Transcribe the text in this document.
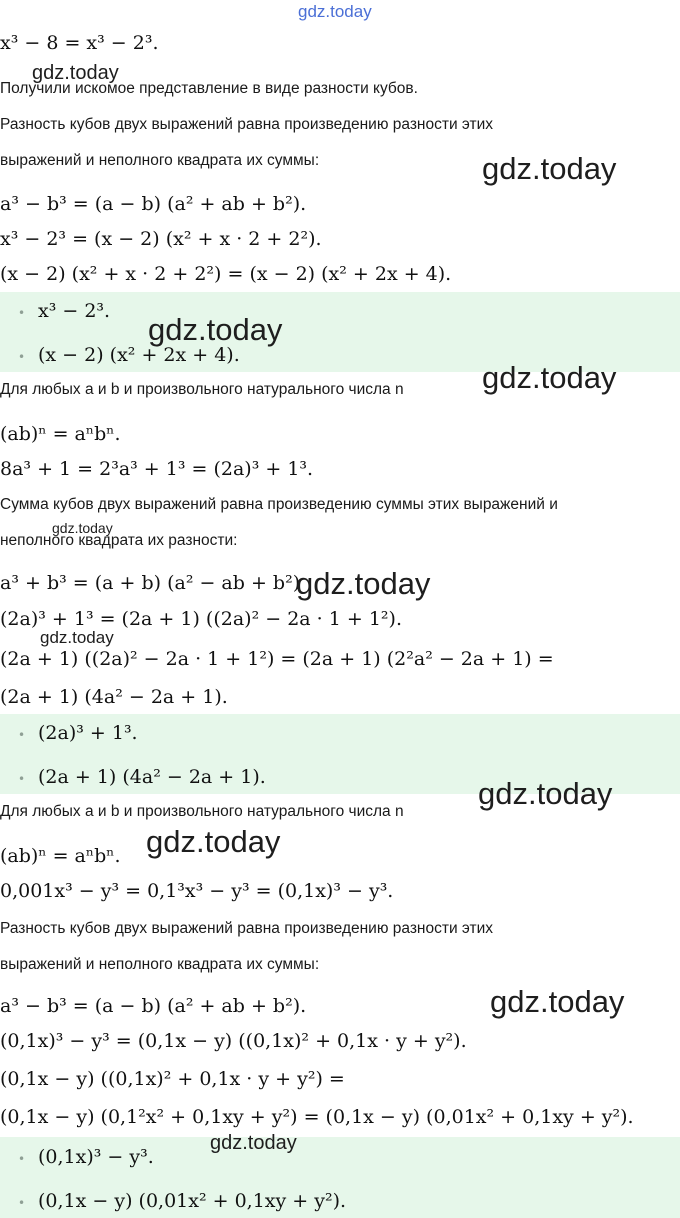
x³ − 8 = x³ − 2³.
Получили искомое представление в виде разности кубов.
Разность кубов двух выражений равна произведению разности этих
выражений и неполного квадрата их суммы:
a³ − b³ = (a − b) (a² + ab + b²).
x³ − 2³ = (x − 2) (x² + x · 2 + 2²).
(x − 2) (x² + x · 2 + 2²) = (x − 2) (x² + 2x + 4).
• x³ − 2³.
• (x − 2) (x² + 2x + 4).
Для любых a и b и произвольного натурального числа n
(ab)ⁿ = aⁿbⁿ.
8a³ + 1 = 2³a³ + 1³ = (2a)³ + 1³.
Сумма кубов двух выражений равна произведению суммы этих выражений и
неполного квадрата их разности:
a³ + b³ = (a + b) (a² − ab + b²)
(2a)³ + 1³ = (2a + 1) ((2a)² − 2a · 1 + 1²).
(2a + 1) ((2a)² − 2a · 1 + 1²) = (2a + 1) (2²a² − 2a + 1) =
(2a + 1) (4a² − 2a + 1).
• (2a)³ + 1³.
• (2a + 1) (4a² − 2a + 1).
Для любых a и b и произвольного натурального числа n
(ab)ⁿ = aⁿbⁿ.
0,001x³ − y³ = 0,1³x³ − y³ = (0,1x)³ − y³.
Разность кубов двух выражений равна произведению разности этих
выражений и неполного квадрата их суммы:
a³ − b³ = (a − b) (a² + ab + b²).
(0,1x)³ − y³ = (0,1x − y) ((0,1x)² + 0,1x · y + y²).
(0,1x − y) ((0,1x)² + 0,1x · y + y²) =
(0,1x − y) (0,1²x² + 0,1xy + y²) = (0,1x − y) (0,01x² + 0,1xy + y²).
• (0,1x)³ − y³.
• (0,1x − y) (0,01x² + 0,1xy + y²).
gdz.today
gdz.today
gdz.today
gdz.today
gdz.today
gdz.today
gdz.today
gdz.today
gdz.today
gdz.today
gdz.today
gdz.today
